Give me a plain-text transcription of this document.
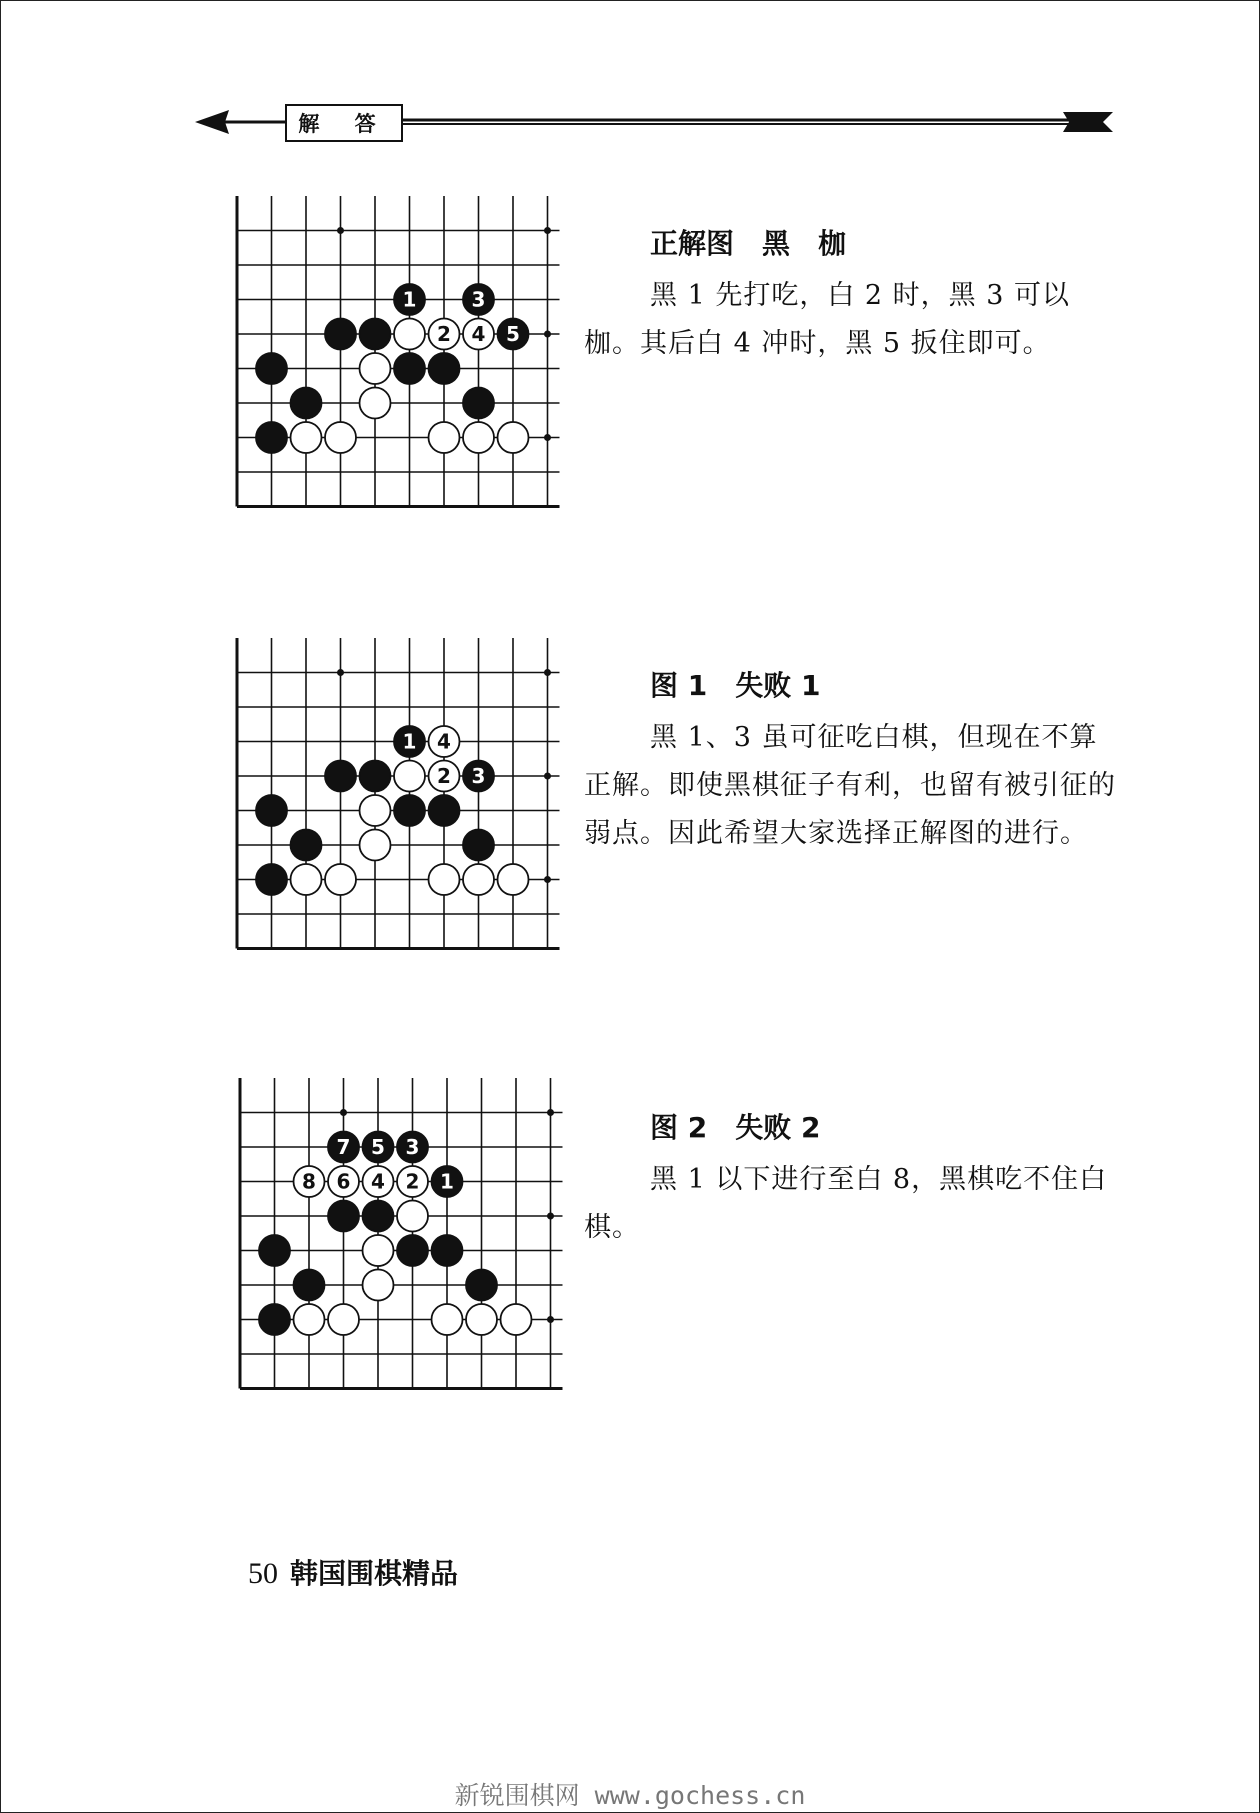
解 答
1	3
2 4 5
正解图　黑　枷

黑 1 先打吃，白 2 时，黑 3 可以枷。其后白 4 冲时，黑 5 扳住即可。

1 4
2 3
图 1　失败 1

黑 1、3 虽可征吃白棋，但现在不算正解。即使黑棋征子有利，也留有被引征的弱点。因此希望大家选择正解图的进行。

7 5 3
8 6 4 2 1
图 2　失败 2

黑 1 以下进行至白 8，黑棋吃不住白棋。

50 韩国围棋精品
新锐围棋网 www.gochess.cn
